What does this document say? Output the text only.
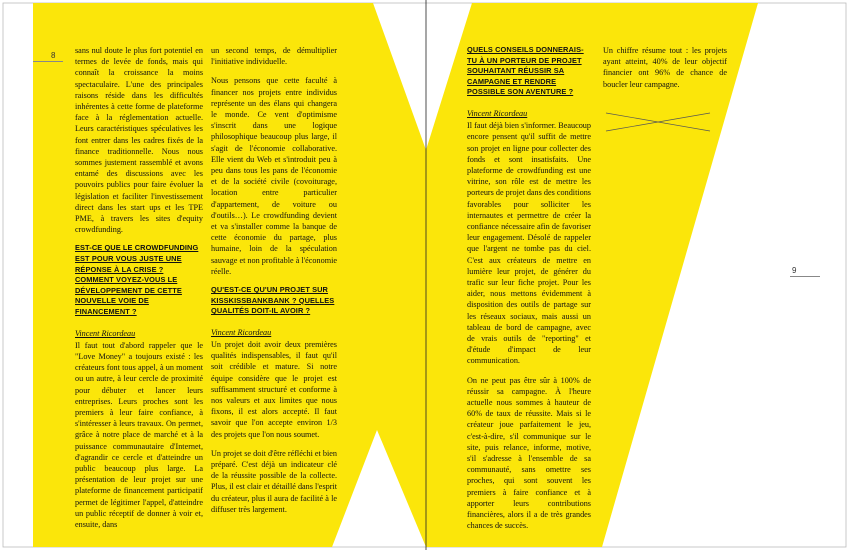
8
9

sans nul doute le plus fort potentiel en termes de levée de fonds, mais qui connaît la croissance la moins spectaculaire. L'une des principales raisons réside dans les difficultés inhérentes à cette forme de plateforme face à la réglementation actuelle. Leurs caractéristiques spéculatives les font entrer dans les cadres fixés de la finance traditionnelle. Nous nous sommes justement rassemblé et avons entamé des discussions avec les pouvoirs publics pour faire évoluer la législation et faciliter l'investissement direct dans les start ups et les TPE PME, à travers les sites d'equity crowdfunding.

EST-CE QUE LE CROWDFUNDING EST POUR VOUS JUSTE UNE RÉPONSE À LA CRISE ? COMMENT VOYEZ-VOUS LE DÉVELOPPEMENT DE CETTE NOUVELLE VOIE DE FINANCEMENT ?
Vincent Ricordeau

Il faut tout d'abord rappeler que le "Love Money" a toujours existé : les créateurs font tous appel, à un moment ou un autre, à leur cercle de proximité pour débuter et lancer leurs entreprises. Leurs proches sont les premiers à leur faire confiance, à s'intéresser à leurs travaux. On permet, grâce à notre place de marché et à la puissance communautaire d'Internet, d'agrandir ce cercle et d'atteindre un public beaucoup plus large. La présentation de leur projet sur une plateforme de financement participatif permet de légitimer l'appel, d'atteindre un public réceptif de donner à voir et, ensuite, dans

un second temps, de démultiplier l'initiative individuelle.

Nous pensons que cette faculté à financer nos projets entre individus représente un des élans qui changera le monde. Ce vent d'optimisme s'inscrit dans une logique philosophique beaucoup plus large, il s'agit de l'économie collaborative. Elle vient du Web et s'introduit peu à peu dans tous les pans de l'économie et de la société civile (covoiturage, location entre particulier d'appartement, de voiture ou d'outils…). Le crowdfunding devient et va s'installer comme la banque de cette économie du partage, plus humaine, loin de la spéculation sauvage et non profitable à l'économie réelle.

QU'EST-CE QU'UN PROJET SUR KISSKISSBANKBANK ? QUELLES QUALITÉS DOIT-IL AVOIR ?
Vincent Ricordeau

Un projet doit avoir deux premières qualités indispensables, il faut qu'il soit crédible et mature. Si notre équipe considère que le projet est suffisamment structuré et conforme à nos valeurs et aux limites que nous fixons, il est alors accepté. Il faut savoir que l'on accepte environ 1/3 des projets que l'on nous soumet.

Un projet se doit d'être réfléchi et bien préparé. C'est déjà un indicateur clé de la réussite possible de la collecte. Plus, il est clair et détaillé dans l'esprit du créateur, plus il aura de facilité à le diffuser très largement.

QUELS CONSEILS DONNERAIS-TU À UN PORTEUR DE PROJET SOUHAITANT RÉUSSIR SA CAMPAGNE ET RENDRE POSSIBLE SON AVENTURE ?
Vincent Ricordeau

Il faut déjà bien s'informer. Beaucoup encore pensent qu'il suffit de mettre son projet en ligne pour collecter des fonds et sont insatisfaits. Une plateforme de crowdfunding est une vitrine, son rôle est de mettre les porteurs de projet dans des conditions favorables pour solliciter les internautes et permettre de créer la confiance nécessaire afin de favoriser leur engagement. Désolé de rappeler que l'argent ne tombe pas du ciel. C'est aux créateurs de mettre en lumière leur projet, de générer du trafic sur leur fiche projet. Pour les aider, nous mettons évidemment à disposition des outils de partage sur les réseaux sociaux, mais aussi un tableau de bord de campagne, avec de vrais outils de "reporting" et d'étude d'impact de leur communication.

On ne peut pas être sûr à 100% de réussir sa campagne. À l'heure actuelle nous sommes à hauteur de 60% de taux de réussite. Mais si le créateur joue parfaitement le jeu, c'est-à-dire, s'il communique sur le site, puis relance, informe, motive, s'il s'adresse à l'ensemble de sa communauté, sans omettre ses proches, qui sont souvent les premiers à faire confiance et à apporter leurs contributions financières, alors il a de très grandes chances de succès.

Un chiffre résume tout : les projets ayant atteint, 40% de leur objectif financier ont 96% de chance de boucler leur campagne.
